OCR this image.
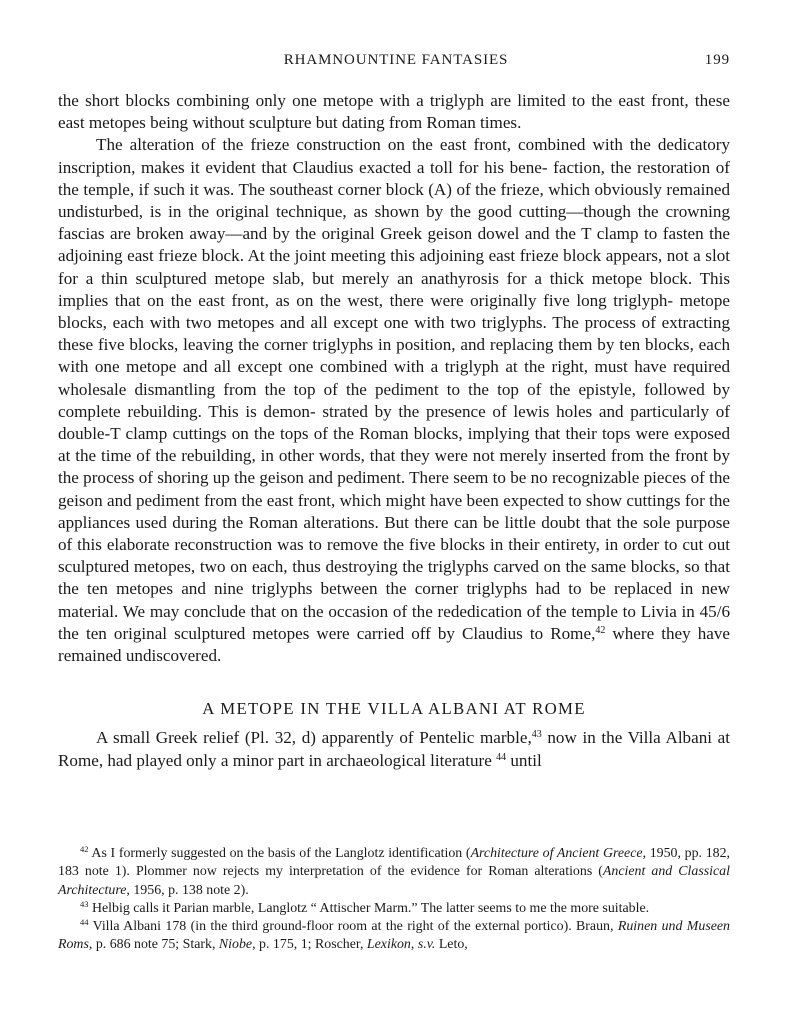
RHAMNOUNTINE FANTASIES	199

the short blocks combining only one metope with a triglyph are limited to the east front, these east metopes being without sculpture but dating from Roman times.

The alteration of the frieze construction on the east front, combined with the dedicatory inscription, makes it evident that Claudius exacted a toll for his bene- faction, the restoration of the temple, if such it was. The southeast corner block (A) of the frieze, which obviously remained undisturbed, is in the original technique, as shown by the good cutting—though the crowning fascias are broken away—and by the original Greek geison dowel and the T clamp to fasten the adjoining east frieze block. At the joint meeting this adjoining east frieze block appears, not a slot for a thin sculptured metope slab, but merely an anathyrosis for a thick metope block. This implies that on the east front, as on the west, there were originally five long triglyph- metope blocks, each with two metopes and all except one with two triglyphs. The process of extracting these five blocks, leaving the corner triglyphs in position, and replacing them by ten blocks, each with one metope and all except one combined with a triglyph at the right, must have required wholesale dismantling from the top of the pediment to the top of the epistyle, followed by complete rebuilding. This is demon- strated by the presence of lewis holes and particularly of double-T clamp cuttings on the tops of the Roman blocks, implying that their tops were exposed at the time of the rebuilding, in other words, that they were not merely inserted from the front by the process of shoring up the geison and pediment. There seem to be no recognizable pieces of the geison and pediment from the east front, which might have been expected to show cuttings for the appliances used during the Roman alterations. But there can be little doubt that the sole purpose of this elaborate reconstruction was to remove the five blocks in their entirety, in order to cut out sculptured metopes, two on each, thus destroying the triglyphs carved on the same blocks, so that the ten metopes and nine triglyphs between the corner triglyphs had to be replaced in new material. We may conclude that on the occasion of the rededication of the temple to Livia in 45/6 the ten original sculptured metopes were carried off by Claudius to Rome,$^{42}$ where they have remained undiscovered.

A METOPE IN THE VILLA ALBANI AT ROME

A small Greek relief (Pl. 32, d) apparently of Pentelic marble,$^{43}$ now in the Villa Albani at Rome, had played only a minor part in archaeological literature $^{44}$ until

$^{42}$ As I formerly suggested on the basis of the Langlotz identification (Architecture of Ancient Greece, 1950, pp. 182, 183 note 1). Plommer now rejects my interpretation of the evidence for Roman alterations (Ancient and Classical Architecture, 1956, p. 138 note 2).

$^{43}$ Helbig calls it Parian marble, Langlotz “ Attischer Marm.” The latter seems to me the more suitable.

$^{44}$ Villa Albani 178 (in the third ground-floor room at the right of the external portico). Braun, Ruinen und Museen Roms, p. 686 note 75; Stark, Niobe, p. 175, 1; Roscher, Lexikon, s.v. Leto,
